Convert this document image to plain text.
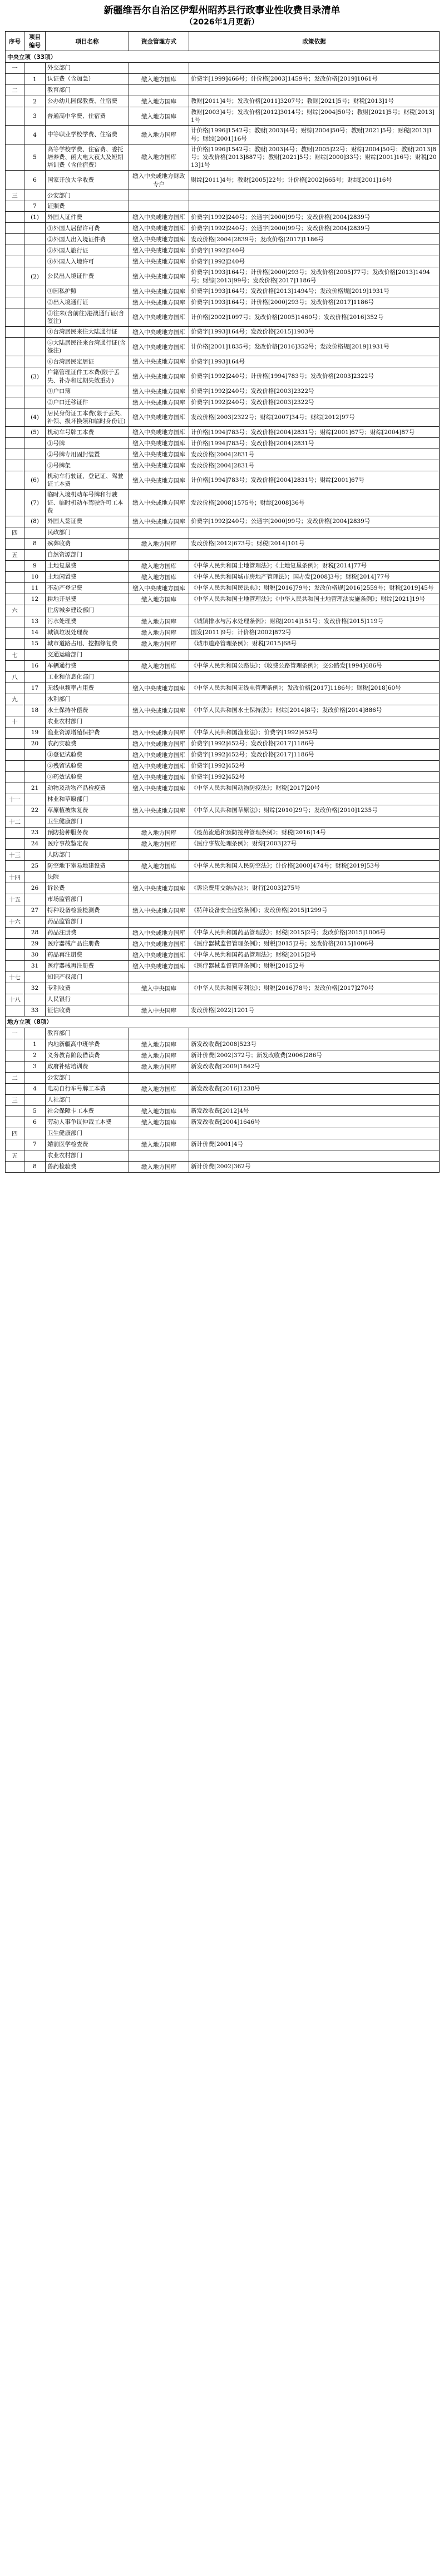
新疆维吾尔自治区伊犁州昭苏县行政事业性收费目录清单
（2026年1月更新）
序号	项目编号	项目名称	资金管理方式	政策依据
中央立项（33项）				
一		外交部门		
	1	认证费（含加急）	缴入地方国库	价费字[1999]466号；计价格[2003]1459号；发改价格[2019]1061号
二		教育部门		
	2	公办幼儿园保教费、住宿费	缴入地方国库	教财[2011]4号；发改价格[2011]3207号；教财[2021]5号；财税[2013]1号
	3	普通高中学费、住宿费	缴入地方国库	教财[2003]4号；发改价格[2012]3014号；财综[2004]50号；教财[2021]5号；财税[2013]1号
	4	中等职业学校学费、住宿费	缴入地方国库	计价格[1996]1542号；教财[2003]4号；财综[2004]50号；教财[2021]5号；财税[2013]1号；财综[2001]16号
	5	高等学校学费、住宿费、委托培养费、函大电大夜大及短期培训费（含住宿费）	缴入地方国库	计价格[1996]1542号；教财[2003]4号；教财[2005]22号；财综[2004]50号；教财[2013]8号；发改价格[2013]887号；教财[2021]5号；财综[2000]33号；财综[2001]16号；财税[2013]1号
	6	国家开放大学收费	缴入中央或地方财政专户	财综[2011]4号；教财[2005]22号；计价格[2002]665号；财综[2001]16号
三		公安部门		
	7	证照费		
	(1)	外国人证件费	缴入中央或地方国库	价费字[1992]240号；公通字[2000]99号；发改价格[2004]2839号
		①外国人居留许可费	缴入中央或地方国库	价费字[1992]240号；公通字[2000]99号；发改价格[2004]2839号
		②外国人出入境证件费	缴入中央或地方国库	发改价格[2004]2839号；发改价格[2017]1186号
		③外国人旅行证	缴入中央或地方国库	价费字[1992]240号
		④外国人入境许可	缴入中央或地方国库	价费字[1992]240号
	(2)	公民出入境证件费	缴入中央或地方国库	价费字[1993]164号；计价格[2000]293号；发改价格[2005]77号；发改价格[2013]1494号；财综[2013]99号；发改价格[2017]1186号
		①因私护照	缴入中央或地方国库	价费字[1993]164号；发改价格[2013]1494号；发改价格规[2019]1931号
		②出入境通行证	缴入中央或地方国库	价费字[1993]164号；计价格[2000]293号；发改价格[2017]1186号
		③往来(含前往)港澳通行证(含签注)	缴入中央或地方国库	计价格[2002]1097号；发改价格[2005]1460号；发改价格[2016]352号
		④台湾居民来往大陆通行证	缴入中央或地方国库	价费字[1993]164号；发改价格[2015]1903号
		⑤大陆居民往来台湾通行证(含签注)	缴入中央或地方国库	计价格[2001]1835号；发改价格[2016]352号；发改价格规[2019]1931号
		⑥台湾居民定居证	缴入中央或地方国库	价费字[1993]164号
	(3)	户籍管理证件工本费(限于丢失、补办和过期失效重办)	缴入中央或地方国库	价费字[1992]240号；计价格[1994]783号；发改价格[2003]2322号
		①户口簿	缴入中央或地方国库	价费字[1992]240号；发改价格[2003]2322号
		②户口迁移证件	缴入中央或地方国库	价费字[1992]240号；发改价格[2003]2322号
	(4)	居民身份证工本费(限于丢失、补领、损坏换领和临时身份证)	缴入中央或地方国库	发改价格[2003]2322号；财综[2007]34号；财综[2012]97号
	(5)	机动车号牌工本费	缴入中央或地方国库	计价格[1994]783号；发改价格[2004]2831号；财综[2001]67号；财综[2004]87号
		①号牌	缴入中央或地方国库	计价格[1994]783号；发改价格[2004]2831号
		②号牌专用固封装置	缴入中央或地方国库	发改价格[2004]2831号
		③号牌架	缴入中央或地方国库	发改价格[2004]2831号
	(6)	机动车行驶证、登记证、驾驶证工本费	缴入中央或地方国库	计价格[1994]783号；发改价格[2004]2831号；财综[2001]67号
	(7)	临时入境机动车号牌和行驶证、临时机动车驾驶许可工本费	缴入中央或地方国库	发改价格[2008]1575号；财综[2008]36号
	(8)	外国人签证费	缴入中央或地方国库	价费字[1992]240号；公通字[2000]99号；发改价格[2004]2839号
四		民政部门		
	8	殡葬收费	缴入地方国库	发改价格[2012]673号；财税[2014]101号
五		自然资源部门		
	9	土地复垦费	缴入地方国库	《中华人民共和国土地管理法》；《土地复垦条例》；财税[2014]77号
	10	土地闲置费	缴入地方国库	《中华人民共和国城市房地产管理法》；国办发[2008]3号；财税[2014]77号
	11	不动产登记费	缴入中央或地方国库	《中华人民共和国民法典》；财税[2016]79号；发改价格规[2016]2559号；财税[2019]45号
	12	耕地开垦费	缴入地方国库	《中华人民共和国土地管理法》；《中华人民共和国土地管理法实施条例》；财综[2021]19号
六		住房城乡建设部门		
	13	污水处理费	缴入地方国库	《城镇排水与污水处理条例》；财税[2014]151号；发改价格[2015]119号
	14	城镇垃圾处理费	缴入地方国库	国发[2011]9号；计价格[2002]872号
	15	城市道路占用、挖掘修复费	缴入地方国库	《城市道路管理条例》；财税[2015]68号
七		交通运输部门		
	16	车辆通行费	缴入地方国库	《中华人民共和国公路法》；《收费公路管理条例》；交公路发[1994]686号
八		工业和信息化部门		
	17	无线电频率占用费	缴入中央或地方国库	《中华人民共和国无线电管理条例》；发改价格[2017]1186号；财税[2018]60号
九		水利部门		
	18	水土保持补偿费	缴入中央或地方国库	《中华人民共和国水土保持法》；财综[2014]8号；发改价格[2014]886号
十		农业农村部门		
	19	渔业资源增殖保护费	缴入中央或地方国库	《中华人民共和国渔业法》；价费字[1992]452号
	20	农药实验费	缴入中央或地方国库	价费字[1992]452号；发改价格[2017]1186号
		①登记试验费	缴入中央或地方国库	价费字[1992]452号；发改价格[2017]1186号
		②残留试验费	缴入中央或地方国库	价费字[1992]452号
		③药效试验费	缴入中央或地方国库	价费字[1992]452号
	21	动物及动物产品检疫费	缴入中央或地方国库	《中华人民共和国动物防疫法》；财税[2017]20号
十一		林业和草原部门		
	22	草原植被恢复费	缴入中央或地方国库	《中华人民共和国草原法》；财综[2010]29号；发改价格[2010]1235号
十二		卫生健康部门		
	23	预防接种服务费	缴入地方国库	《疫苗流通和预防接种管理条例》；财税[2016]14号
	24	医疗事故鉴定费	缴入地方国库	《医疗事故处理条例》；财综[2003]27号
十三		人防部门		
	25	防空地下室易地建设费	缴入地方国库	《中华人民共和国人民防空法》；计价格[2000]474号；财税[2019]53号
十四		法院		
	26	诉讼费	缴入中央或地方国库	《诉讼费用交纳办法》；财行[2003]275号
十五		市场监管部门		
	27	特种设备检验检测费	缴入中央或地方国库	《特种设备安全监察条例》；发改价格[2015]1299号
十六		药品监管部门		
	28	药品注册费	缴入中央或地方国库	《中华人民共和国药品管理法》；财税[2015]2号；发改价格[2015]1006号
	29	医疗器械产品注册费	缴入中央或地方国库	《医疗器械监督管理条例》；财税[2015]2号；发改价格[2015]1006号
	30	药品再注册费	缴入中央或地方国库	《中华人民共和国药品管理法》；财税[2015]2号
	31	医疗器械再注册费	缴入中央或地方国库	《医疗器械监督管理条例》；财税[2015]2号
十七		知识产权部门		
	32	专利收费	缴入中央国库	《中华人民共和国专利法》；财税[2016]78号；发改价格[2017]270号
十八		人民银行		
	33	征信收费	缴入中央国库	发改价格[2022]1201号
地方立项（8项）				
一		教育部门		
	1	内地新疆高中班学费	缴入地方国库	新发改收费[2008]523号
	2	义务教育阶段借读费	缴入地方国库	新计价费[2002]372号；新发改收费[2006]286号
	3	政府补贴培训费	缴入地方国库	新发改收费[2009]1842号
二		公安部门		
	4	电动自行车号牌工本费	缴入地方国库	新发改收费[2016]1238号
三		人社部门		
	5	社会保障卡工本费	缴入地方国库	新发改收费[2012]4号
	6	劳动人事争议仲裁工本费	缴入地方国库	新发改收费[2004]1646号
四		卫生健康部门		
	7	婚前医学检查费	缴入地方国库	新计价费[2001]4号
五		农业农村部门		
	8	兽药检验费	缴入地方国库	新计价费[2002]362号
